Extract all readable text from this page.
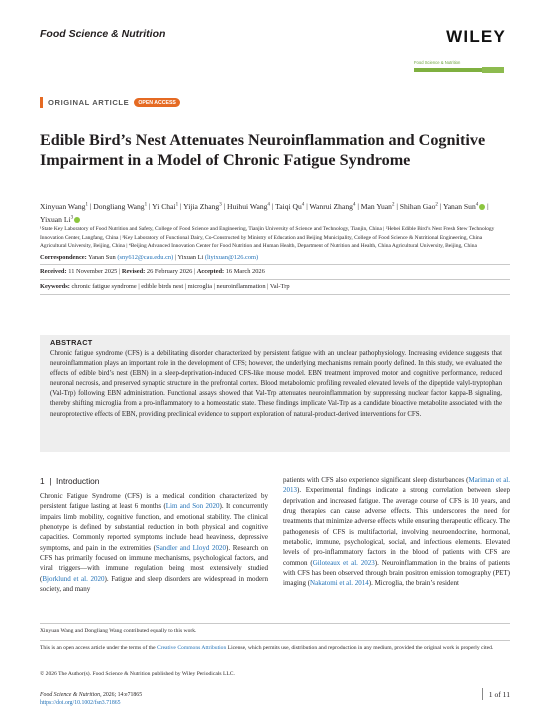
Food Science & Nutrition	WILEY
Food Science & Nutrition
ORIGINAL ARTICLE	OPEN ACCESS
Edible Bird’s Nest Attenuates Neuroinflammation and Cognitive Impairment in a Model of Chronic Fatigue Syndrome
Xinyuan Wang$^1$ | Dongliang Wang$^1$ | Yi Chai$^1$ | Yijia Zhang$^3$ | Huihui Wang$^4$ | Taiqi Qu$^4$ | Wanrui Zhang$^4$ | Man Yuan$^2$ | Shihan Gao$^2$ | Yanan Sun$^4$ | Yixuan Li$^3$
¹State Key Laboratory of Food Nutrition and Safety, College of Food Science and Engineering, Tianjin University of Science and Technology, Tianjin, China | ²Hebei Edible Bird’s Nest Fresh Stew Technology Innovation Center, Langfang, China | ³Key Laboratory of Functional Dairy, Co-Constructed by Ministry of Education and Beijing Municipality, College of Food Science & Nutritional Engineering, China Agricultural University, Beijing, China | ⁴Beijing Advanced Innovation Center for Food Nutrition and Human Health, Department of Nutrition and Health, China Agricultural University, Beijing, China
Correspondence: Yanan Sun (sny612@cau.edu.cn) | Yixuan Li (liyixuan@126.com)
Received: 11 November 2025 | Revised: 26 February 2026 | Accepted: 16 March 2026
Keywords: chronic fatigue syndrome | edible birds nest | microglia | neuroinflammation | Val-Trp
ABSTRACT
Chronic fatigue syndrome (CFS) is a debilitating disorder characterized by persistent fatigue with an unclear pathophysiology. Increasing evidence suggests that neuroinflammation plays an important role in the development of CFS; however, the underlying mechanisms remain poorly defined. In this study, we evaluated the effects of edible bird’s nest (EBN) in a sleep-deprivation-induced CFS-like mouse model. EBN treatment improved motor and cognitive performance, reduced neuronal necrosis, and preserved synaptic structure in the prefrontal cortex. Blood metabolomic profiling revealed elevated levels of the dipeptide valyl-tryptophan (Val-Trp) following EBN administration. Functional assays showed that Val-Trp attenuates neuroinflammation by suppressing nuclear factor kappa-B signaling, thereby shifting microglia from a pro-inflammatory to a homeostatic state. These findings implicate Val-Trp as a candidate bioactive metabolite associated with the neuroprotective effects of EBN, providing preclinical evidence to support exploration of natural-product-derived interventions for CFS.
1 | Introduction
Chronic Fatigue Syndrome (CFS) is a medical condition characterized by persistent fatigue lasting at least 6 months (Lim and Son 2020). It concurrently impairs limb mobility, cognitive function, and emotional stability. The clinical phenotype is defined by substantial reduction in both physical and cognitive capacities. Commonly reported symptoms include head heaviness, depressive symptoms, and pain in the extremities (Sandler and Lloyd 2020). Research on CFS has primarily focused on immune mechanisms, psychological factors, and viral triggers—with immune regulation being most extensively studied (Bjorklund et al. 2020). Fatigue and sleep disorders are widespread in modern society, and many
patients with CFS also experience significant sleep disturbances (Mariman et al. 2013). Experimental findings indicate a strong correlation between sleep deprivation and increased fatigue. The average course of CFS is 10 years, and drug therapies can cause adverse effects. This underscores the need for treatments that minimize adverse effects while ensuring therapeutic efficacy. The pathogenesis of CFS is multifactorial, involving neuroendocrine, hormonal, metabolic, immune, psychological, social, and infectious elements. Elevated levels of pro-inflammatory factors in the blood of patients with CFS are common (Giloteaux et al. 2023). Neuroinflammation in the brains of patients with CFS has been observed through brain positron emission tomography (PET) imaging (Nakatomi et al. 2014). Microglia, the brain’s resident
Xinyuan Wang and Dongliang Wang contributed equally to this work.
This is an open access article under the terms of the Creative Commons Attribution License, which permits use, distribution and reproduction in any medium, provided the original work is properly cited.
© 2026 The Author(s). Food Science & Nutrition published by Wiley Periodicals LLC.
Food Science & Nutrition, 2026; 14:e71865
https://doi.org/10.1002/fsn3.71865
1 of 11
